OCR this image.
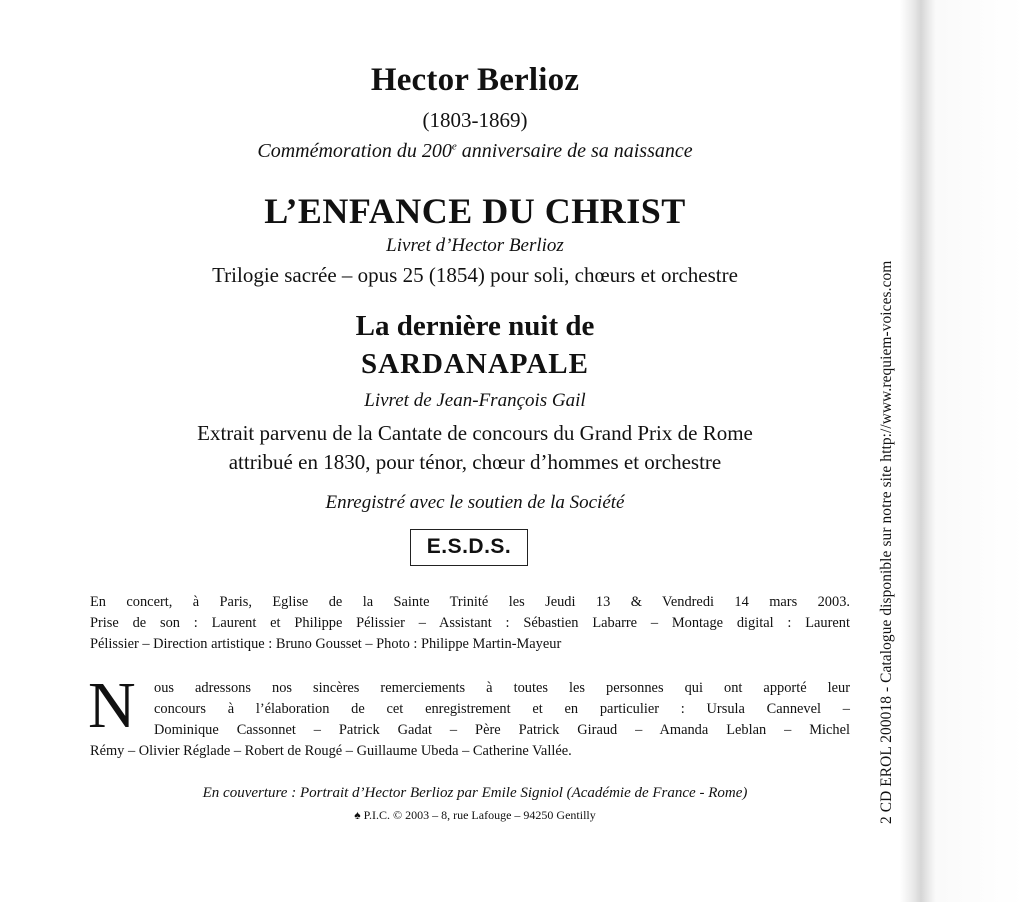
Hector Berlioz
(1803-1869)
Commémoration du 200e anniversaire de sa naissance
L’ENFANCE DU CHRIST
Livret d’Hector Berlioz
Trilogie sacrée – opus 25 (1854) pour soli, chœurs et orchestre
La dernière nuit de
SARDANAPALE
Livret de Jean-François Gail
Extrait parvenu de la Cantate de concours du Grand Prix de Rome
attribué en 1830, pour ténor, chœur d’hommes et orchestre
Enregistré avec le soutien de la Société
E.S.D.S.
En concert, à Paris, Eglise de la Sainte Trinité les Jeudi 13 & Vendredi 14 mars 2003.
Prise de son : Laurent et Philippe Pélissier – Assistant : Sébastien Labarre – Montage digital : Laurent
Pélissier – Direction artistique : Bruno Gousset – Photo : Philippe Martin-Mayeur
N	ous adressons nos sincères remerciements à toutes les personnes qui ont apporté leur
concours à l’élaboration de cet enregistrement et en particulier : Ursula Cannevel –
Dominique Cassonnet – Patrick Gadat – Père Patrick Giraud – Amanda Leblan – Michel
Rémy – Olivier Réglade – Robert de Rougé – Guillaume Ubeda – Catherine Vallée.
En couverture : Portrait d’Hector Berlioz par Emile Signiol (Académie de France - Rome)
♠ P.I.C. © 2003 – 8, rue Lafouge – 94250 Gentilly	2 CD EROL 200018 - Catalogue disponible sur notre site http://www.requiem-voices.com
